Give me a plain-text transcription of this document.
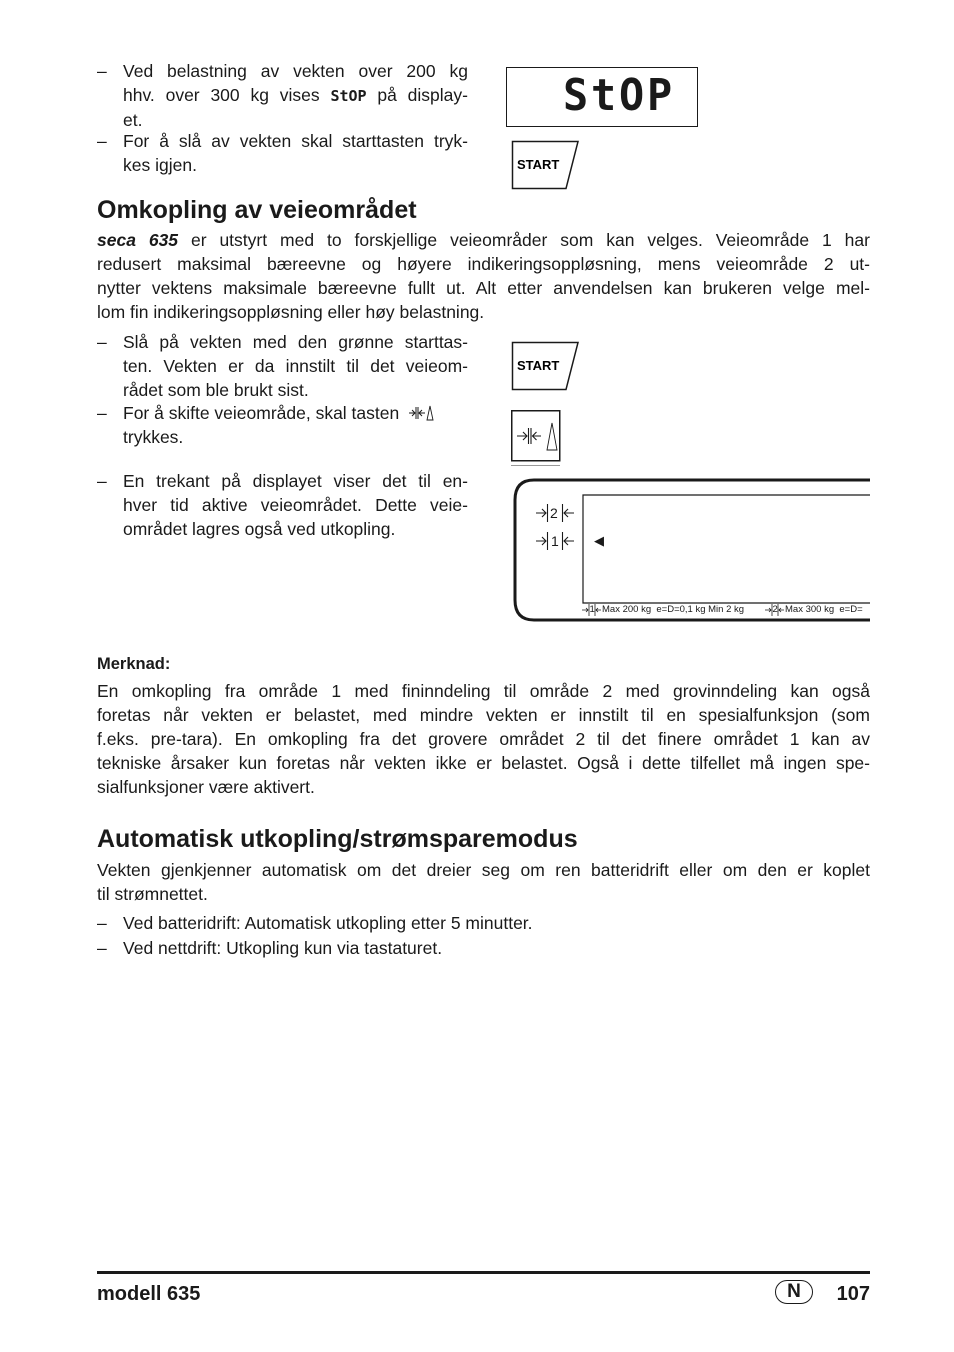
– Ved belastning av vekten over 200 kg
hhv. over 300 kg vises StOP på display-
et.
– For å slå av vekten skal starttasten tryk-
kes igjen.
StOP
START
Omkopling av veieområdet
seca 635 er utstyrt med to forskjellige veieområder som kan velges. Veieområde 1 har
redusert maksimal bæreevne og høyere indikeringsoppløsning, mens veieområde 2 ut-
nytter vektens maksimale bæreevne fullt ut. Alt etter anvendelsen kan brukeren velge mel-
lom fin indikeringsoppløsning eller høy belastning.
– Slå på vekten med den grønne starttas-
ten. Vekten er da innstilt til det veieom-
rådet som ble brukt sist.
– For å skifte veieområde, skal tasten
trykkes.
– En trekant på displayet viser det til en-
hver tid aktive veieområdet. Dette veie-
området lagres også ved utkopling.
START
2
1	◀
1 Max 200 kg  e=D=0,1 kg Min 2 kg	2 Max 300 kg  e=D=
Merknad:
En omkopling fra område 1 med fininndeling til område 2 med grovinndeling kan også
foretas når vekten er belastet, med mindre vekten er innstilt til en spesialfunksjon (som
f.eks. pre-tara). En omkopling fra det grovere området 2 til det finere området 1 kan av
tekniske årsaker kun foretas når vekten ikke er belastet. Også i dette tilfellet må ingen spe-
sialfunksjoner være aktivert.
Automatisk utkopling/strømsparemodus
Vekten gjenkjenner automatisk om det dreier seg om ren batteridrift eller om den er koplet
til strømnettet.
– Ved batteridrift: Automatisk utkopling etter 5 minutter.
– Ved nettdrift: Utkopling kun via tastaturet.
modell 635	N	107
